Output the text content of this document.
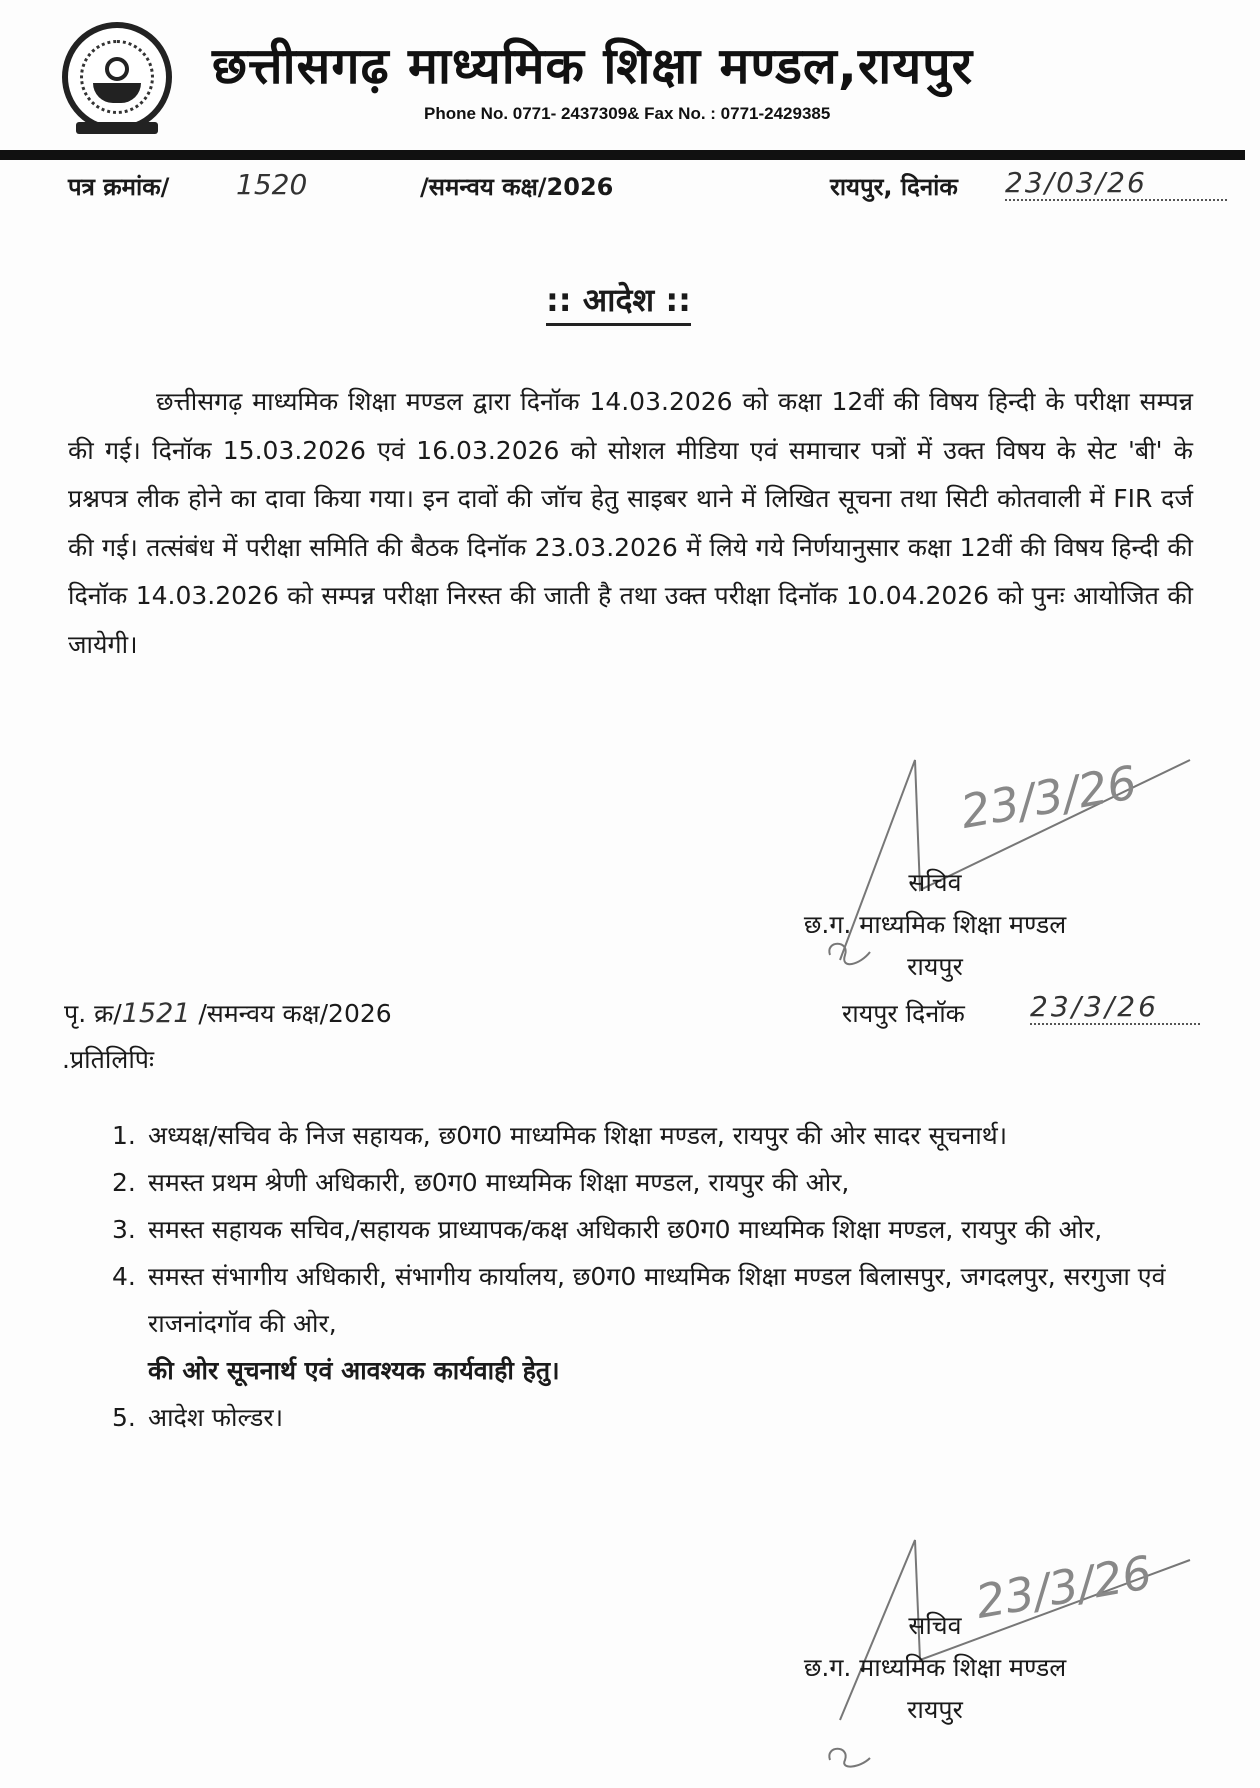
छत्तीसगढ़ माध्यमिक शिक्षा मण्डल,रायपुर
Phone No. 0771- 2437309& Fax No. : 0771-2429385
पत्र क्रमांक/ 1520	/समन्वय कक्ष/2026	रायपुर, दिनांक 23/03/26
:: आदेश ::
छत्तीसगढ़ माध्यमिक शिक्षा मण्डल द्वारा दिनॉक 14.03.2026 को कक्षा 12वीं की विषय हिन्दी के परीक्षा सम्पन्न की गई। दिनॉक 15.03.2026 एवं 16.03.2026 को सोशल मीडिया एवं समाचार पत्रों में उक्त विषय के सेट 'बी' के प्रश्नपत्र लीक होने का दावा किया गया। इन दावों की जॉच हेतु साइबर थाने में लिखित सूचना तथा सिटी कोतवाली में FIR दर्ज की गई। तत्संबंध में परीक्षा समिति की बैठक दिनॉक 23.03.2026 में लिये गये निर्णयानुसार कक्षा 12वीं की विषय हिन्दी की दिनॉक 14.03.2026 को सम्पन्न परीक्षा निरस्त की जाती है तथा उक्त परीक्षा दिनॉक 10.04.2026 को पुनः आयोजित की जायेगी।
23/3/26
सचिव
छ.ग. माध्यमिक शिक्षा मण्डल
रायपुर
पृ. क्र/1521 /समन्वय कक्ष/2026	रायपुर दिनॉक 23/3/26
.प्रतिलिपिः
1. अध्यक्ष/सचिव के निज सहायक, छ0ग0 माध्यमिक शिक्षा मण्डल, रायपुर की ओर सादर सूचनार्थ।
2. समस्त प्रथम श्रेणी अधिकारी, छ0ग0 माध्यमिक शिक्षा मण्डल, रायपुर की ओर,
3. समस्त सहायक सचिव,/सहायक प्राध्यापक/कक्ष अधिकारी छ0ग0 माध्यमिक शिक्षा मण्डल, रायपुर की ओर,
4. समस्त संभागीय अधिकारी, संभागीय कार्यालय, छ0ग0 माध्यमिक शिक्षा मण्डल बिलासपुर, जगदलपुर, सरगुजा एवं राजनांदगॉव की ओर,
की ओर सूचनार्थ एवं आवश्यक कार्यवाही हेतु।
5. आदेश फोल्डर।
23/3/26
सचिव
छ.ग. माध्यमिक शिक्षा मण्डल
रायपुर
